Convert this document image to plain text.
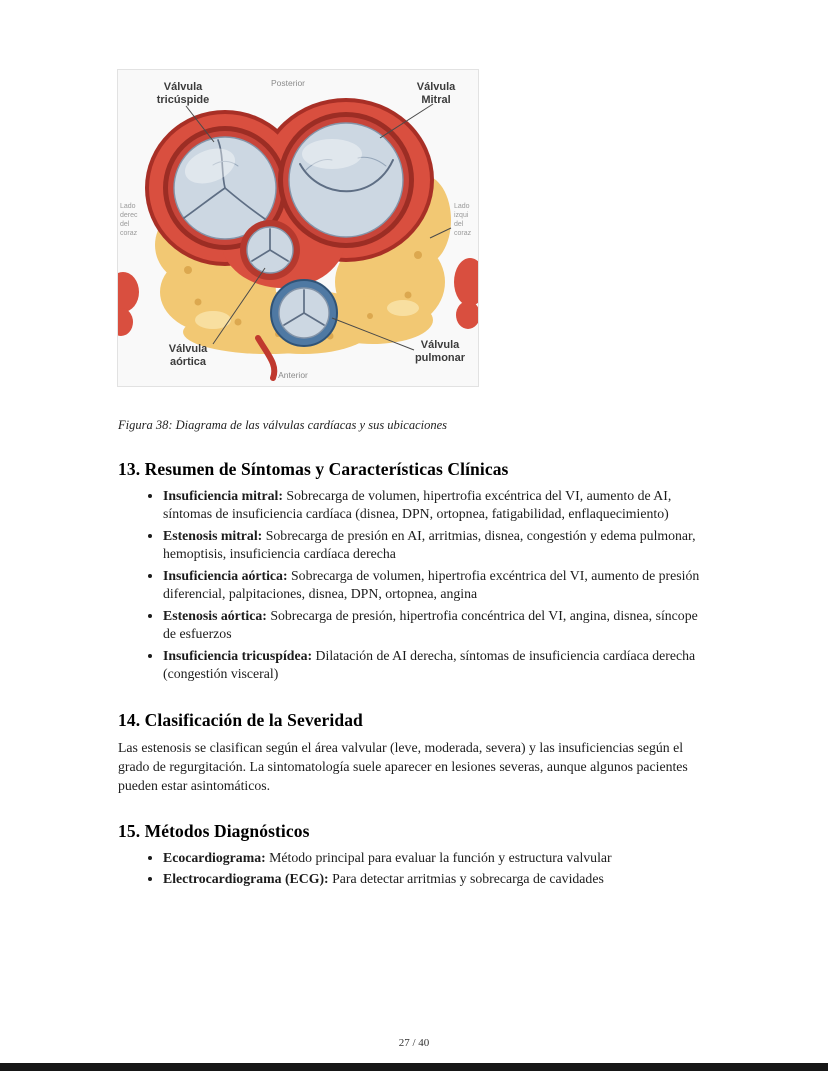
Válvula
tricúspide
Posterior	Válvula
Mitral
Válvula
aórtica
Anterior
Válvula
pulmonar
Lado
derec
del
coraz
Lado
izqui
del
coraz
Figura 38: Diagrama de las válvulas cardíacas y sus ubicaciones
13. Resumen de Síntomas y Características Clínicas
• Insuficiencia mitral: Sobrecarga de volumen, hipertrofia excéntrica del VI, aumento de AI, síntomas de insuficiencia cardíaca (disnea, DPN, ortopnea, fatigabilidad, enflaquecimiento)
• Estenosis mitral: Sobrecarga de presión en AI, arritmias, disnea, congestión y edema pulmonar, hemoptisis, insuficiencia cardíaca derecha
• Insuficiencia aórtica: Sobrecarga de volumen, hipertrofia excéntrica del VI, aumento de presión diferencial, palpitaciones, disnea, DPN, ortopnea, angina
• Estenosis aórtica: Sobrecarga de presión, hipertrofia concéntrica del VI, angina, disnea, síncope de esfuerzos
• Insuficiencia tricuspídea: Dilatación de AI derecha, síntomas de insuficiencia cardíaca derecha (congestión visceral)
14. Clasificación de la Severidad

Las estenosis se clasifican según el área valvular (leve, moderada, severa) y las insuficiencias según el grado de regurgitación. La sintomatología suele aparecer en lesiones severas, aunque algunos pacientes pueden estar asintomáticos.

15. Métodos Diagnósticos
• Ecocardiograma: Método principal para evaluar la función y estructura valvular
• Electrocardiograma (ECG): Para detectar arritmias y sobrecarga de cavidades
27 / 40
